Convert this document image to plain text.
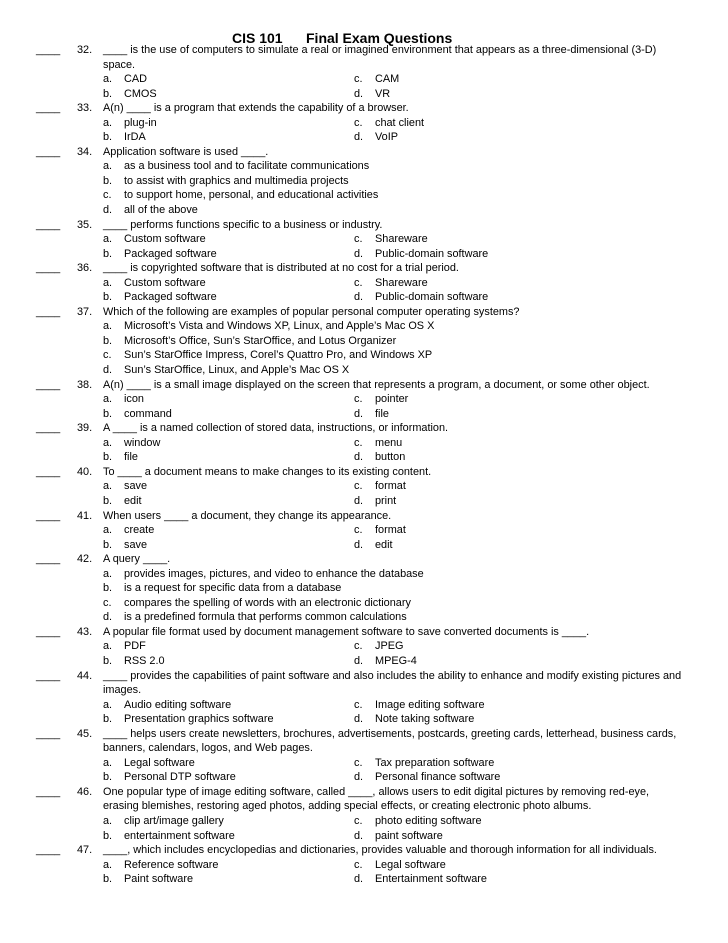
CIS 101 Final Exam Questions
____ 32. ____ is the use of computers to simulate a real or imagined environment that appears as a three-dimensional (3-D)
space.
a. CAD	c. CAM
b. CMOS	d. VR
____ 33. A(n) ____ is a program that extends the capability of a browser.
a. plug-in	c. chat client
b. IrDA	d. VoIP
____ 34. Application software is used ____.
a. as a business tool and to facilitate communications
b. to assist with graphics and multimedia projects
c. to support home, personal, and educational activities
d. all of the above
____ 35. ____ performs functions specific to a business or industry.
a. Custom software	c. Shareware
b. Packaged software	d. Public-domain software
____ 36. ____ is copyrighted software that is distributed at no cost for a trial period.
a. Custom software	c. Shareware
b. Packaged software	d. Public-domain software
____ 37. Which of the following are examples of popular personal computer operating systems?
a. Microsoft’s Vista and Windows XP, Linux, and Apple’s Mac OS X
b. Microsoft’s Office, Sun’s StarOffice, and Lotus Organizer
c. Sun’s StarOffice Impress, Corel’s Quattro Pro, and Windows XP
d. Sun’s StarOffice, Linux, and Apple’s Mac OS X
____ 38. A(n) ____ is a small image displayed on the screen that represents a program, a document, or some other object.
a. icon	c. pointer
b. command	d. file
____ 39. A ____ is a named collection of stored data, instructions, or information.
a. window	c. menu
b. file	d. button
____ 40. To ____ a document means to make changes to its existing content.
a. save	c. format
b. edit	d. print
____ 41. When users ____ a document, they change its appearance.
a. create	c. format
b. save	d. edit
____ 42. A query ____.
a. provides images, pictures, and video to enhance the database
b. is a request for specific data from a database
c. compares the spelling of words with an electronic dictionary
d. is a predefined formula that performs common calculations
____ 43. A popular file format used by document management software to save converted documents is ____.
a. PDF	c. JPEG
b. RSS 2.0	d. MPEG-4
____ 44. ____ provides the capabilities of paint software and also includes the ability to enhance and modify existing pictures and
images.
a. Audio editing software	c. Image editing software
b. Presentation graphics software	d. Note taking software
____ 45. ____ helps users create newsletters, brochures, advertisements, postcards, greeting cards, letterhead, business cards,
banners, calendars, logos, and Web pages.
a. Legal software	c. Tax preparation software
b. Personal DTP software	d. Personal finance software
____ 46. One popular type of image editing software, called ____, allows users to edit digital pictures by removing red-eye,
erasing blemishes, restoring aged photos, adding special effects, or creating electronic photo albums.
a. clip art/image gallery	c. photo editing software
b. entertainment software	d. paint software
____ 47. ____, which includes encyclopedias and dictionaries, provides valuable and thorough information for all individuals.
a. Reference software	c. Legal software
b. Paint software	d. Entertainment software
